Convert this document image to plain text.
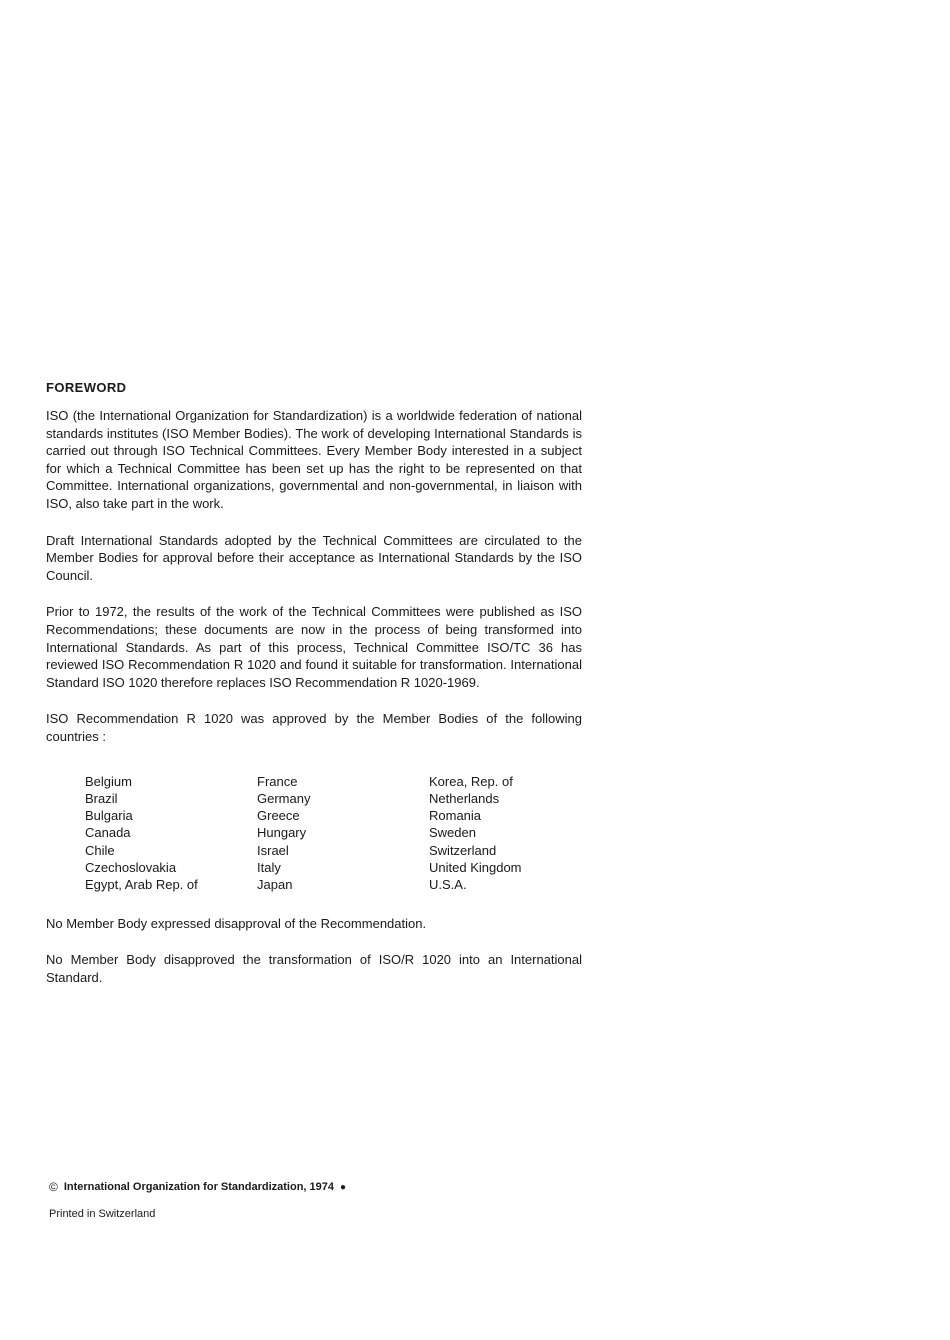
FOREWORD

ISO (the International Organization for Standardization) is a worldwide federation of national standards institutes (ISO Member Bodies). The work of developing International Standards is carried out through ISO Technical Committees. Every Member Body interested in a subject for which a Technical Committee has been set up has the right to be represented on that Committee. International organizations, governmental and non-governmental, in liaison with ISO, also take part in the work.

Draft International Standards adopted by the Technical Committees are circulated to the Member Bodies for approval before their acceptance as International Standards by the ISO Council.

Prior to 1972, the results of the work of the Technical Committees were published as ISO Recommendations; these documents are now in the process of being transformed into International Standards. As part of this process, Technical Committee ISO/TC 36 has reviewed ISO Recommendation R 1020 and found it suitable for transformation. International Standard ISO 1020 therefore replaces ISO Recommendation R 1020-1969.

ISO Recommendation R 1020 was approved by the Member Bodies of the following countries :

Belgium
Brazil
Bulgaria
Canada
Chile
Czechoslovakia
Egypt, Arab Rep. of
France
Germany
Greece
Hungary
Israel
Italy
Japan
Korea, Rep. of
Netherlands
Romania
Sweden
Switzerland
United Kingdom
U.S.A.

No Member Body expressed disapproval of the Recommendation.

No Member Body disapproved the transformation of ISO/R 1020 into an International Standard.

© International Organization for Standardization, 1974 ●

Printed in Switzerland
